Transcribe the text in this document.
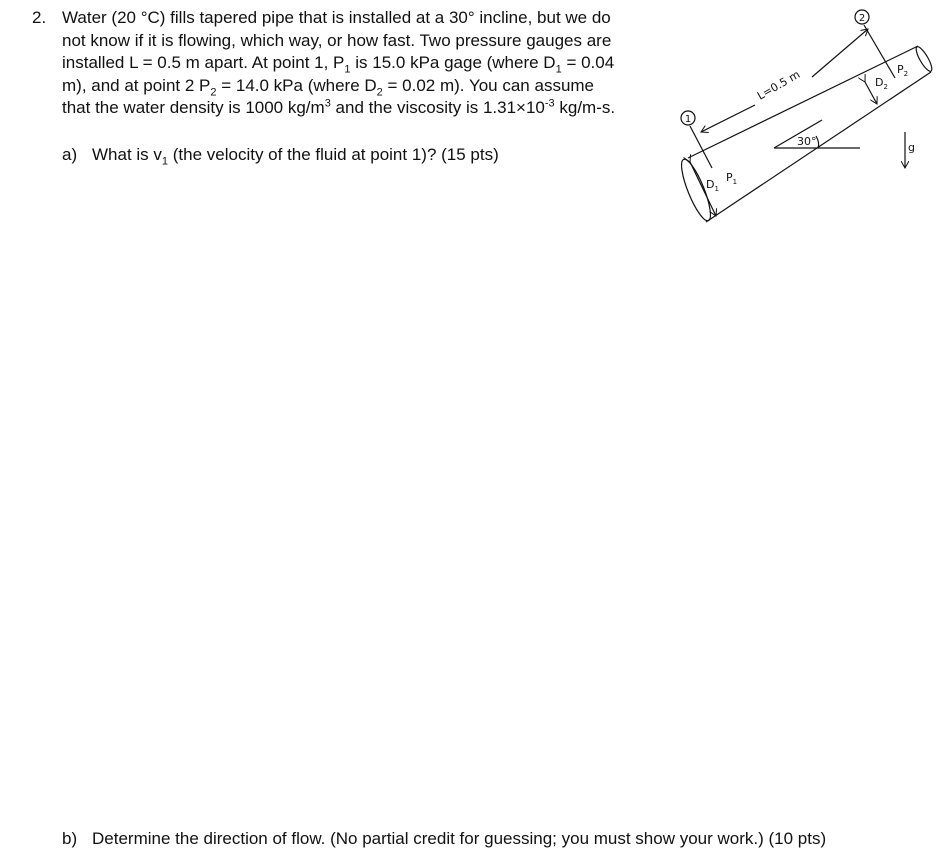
2. Water (20 °C) fills tapered pipe that is installed at a 30° incline, but we do
not know if it is flowing, which way, or how fast. Two pressure gauges are
installed L = 0.5 m apart. At point 1, $P_1$ is 15.0 kPa gage (where $D_1 = 0.04$
m), and at point 2 $P_2 = 14.0$ kPa (where $D_2 = 0.02$ m). You can assume
that the water density is 1000 $kg/m^3$ and the viscosity is $1.31\times 10^{-3}$ kg/m-s.
a) What is $v_1$ (the velocity of the fluid at point 1)? (15 pts)
b) Determine the direction of flow. (No partial credit for guessing; you must show your work.) (10 pts)
1
2
L=0.5 m
30°	g
$D_1$
$P_1$
$D_2$
$P_2$
